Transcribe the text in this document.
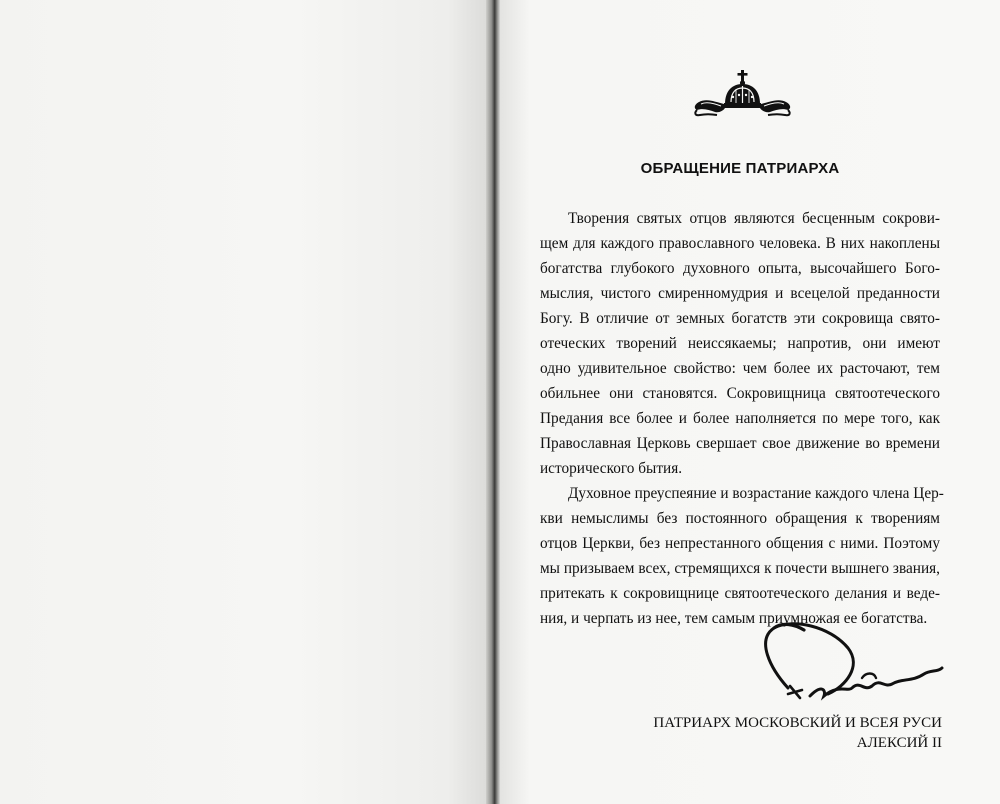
ОБРАЩЕНИЕ ПАТРИАРХА
Творения святых отцов являются бесценным сокрови-
щем для каждого православного человека. В них накоплены
богатства глубокого духовного опыта, высочайшего Бого-
мыслия, чистого смиренномудрия и всецелой преданности
Богу. В отличие от земных богатств эти сокровища свято-
отеческих творений неиссякаемы; напротив, они имеют
одно удивительное свойство: чем более их расточают, тем
обильнее они становятся. Сокровищница святоотеческого
Предания все более и более наполняется по мере того, как
Православная Церковь свершает свое движение во времени
исторического бытия.
Духовное преуспеяние и возрастание каждого члена Цер-
кви немыслимы без постоянного обращения к творениям
отцов Церкви, без непрестанного общения с ними. Поэтому
мы призываем всех, стремящихся к почести вышнего звания,
притекать к сокровищнице святоотеческого делания и веде-
ния, и черпать из нее, тем самым приумножая ее богатства.
ПАТРИАРХ МОСКОВСКИЙ И ВСЕЯ РУСИ
АЛЕКСИЙ II
